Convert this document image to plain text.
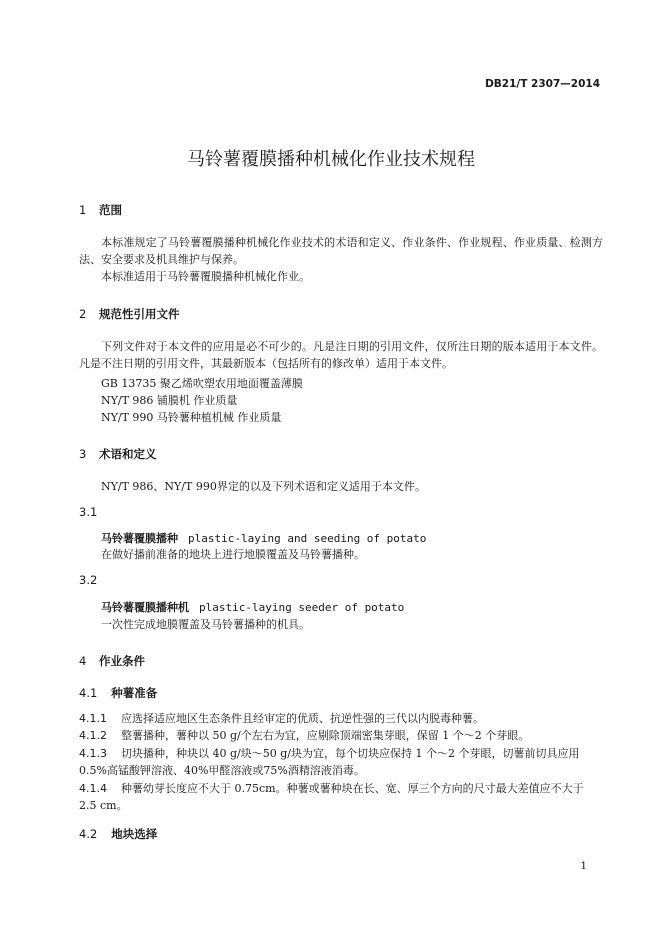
DB21/T 2307—2014
马铃薯覆膜播种机械化作业技术规程
1 范围
本标准规定了马铃薯覆膜播种机械化作业技术的术语和定义、作业条件、作业规程、作业质量、检测方法、安全要求及机具维护与保养。
本标准适用于马铃薯覆膜播种机械化作业。
2 规范性引用文件
下列文件对于本文件的应用是必不可少的。凡是注日期的引用文件，仅所注日期的版本适用于本文件。凡是不注日期的引用文件，其最新版本（包括所有的修改单）适用于本文件。
GB 13735 聚乙烯吹塑农用地面覆盖薄膜
NY/T 986 铺膜机 作业质量
NY/T 990 马铃薯种植机械 作业质量
3 术语和定义
NY/T 986、NY/T 990界定的以及下列术语和定义适用于本文件。
3.1
马铃薯覆膜播种 plastic-laying and seeding of potato
在做好播前准备的地块上进行地膜覆盖及马铃薯播种。
3.2
马铃薯覆膜播种机 plastic-laying seeder of potato
一次性完成地膜覆盖及马铃薯播种的机具。
4 作业条件
4.1 种薯准备
4.1.1 应选择适应地区生态条件且经审定的优质、抗逆性强的三代以内脱毒种薯。
4.1.2 整薯播种，薯种以 50 g/个左右为宜，应剔除顶端密集芽眼，保留 1 个～2 个芽眼。
4.1.3 切块播种，种块以 40 g/块～50 g/块为宜，每个切块应保持 1 个～2 个芽眼，切薯前切具应用 0.5%高锰酸钾溶液、40%甲醛溶液或75%酒精溶液消毒。
4.1.4 种薯幼芽长度应不大于 0.75cm。种薯或薯种块在长、宽、厚三个方向的尺寸最大差值应不大于 2.5 cm。
4.2 地块选择
1
